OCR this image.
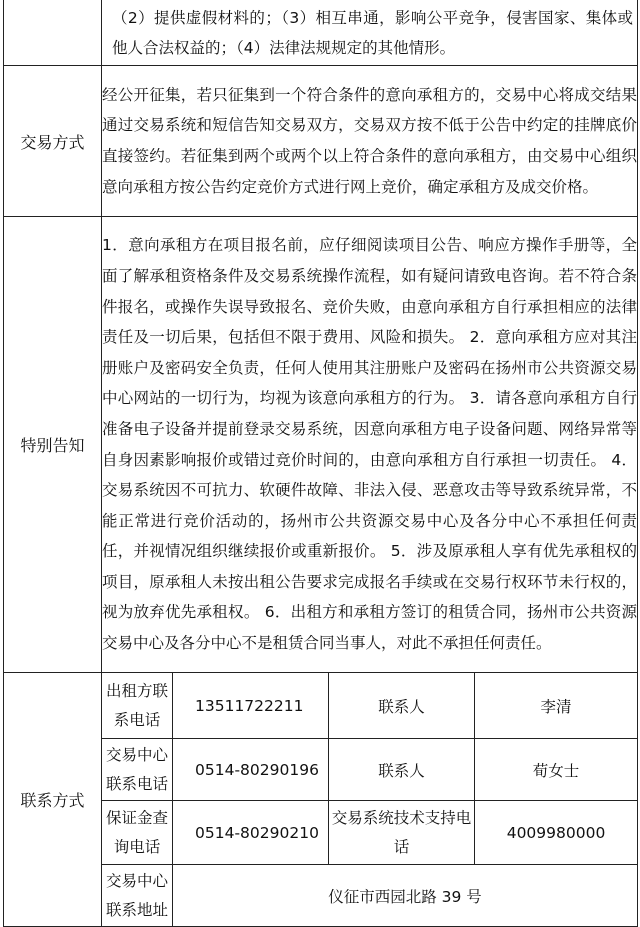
	（2）提供虚假材料的；（3）相互串通，影响公平竞争，侵害国家、集体或他人合法权益的；（4）法律法规规定的其他情形。			
交易方式	经公开征集，若只征集到一个符合条件的意向承租方的，交易中心将成交结果通过交易系统和短信告知交易双方，交易双方按不低于公告中约定的挂牌底价直接签约。若征集到两个或两个以上符合条件的意向承租方，由交易中心组织意向承租方按公告约定竞价方式进行网上竞价，确定承租方及成交价格。			
特别告知	1．意向承租方在项目报名前，应仔细阅读项目公告、响应方操作手册等，全面了解承租资格条件及交易系统操作流程，如有疑问请致电咨询。若不符合条件报名，或操作失误导致报名、竞价失败，由意向承租方自行承担相应的法律责任及一切后果，包括但不限于费用、风险和损失。 2．意向承租方应对其注册账户及密码安全负责，任何人使用其注册账户及密码在扬州市公共资源交易中心网站的一切行为，均视为该意向承租方的行为。 3．请各意向承租方自行准备电子设备并提前登录交易系统，因意向承租方电子设备问题、网络异常等自身因素影响报价或错过竞价时间的，由意向承租方自行承担一切责任。 4．交易系统因不可抗力、软硬件故障、非法入侵、恶意攻击等导致系统异常，不能正常进行竞价活动的，扬州市公共资源交易中心及各分中心不承担任何责任，并视情况组织继续报价或重新报价。 5．涉及原承租人享有优先承租权的项目，原承租人未按出租公告要求完成报名手续或在交易行权环节未行权的，视为放弃优先承租权。 6．出租方和承租方签订的租赁合同，扬州市公共资源交易中心及各分中心不是租赁合同当事人，对此不承担任何责任。			
联系方式	出租方联系电话	13511722211	联系人	李清
	交易中心联系电话	0514-80290196	联系人	荀女士
	保证金查询电话	0514-80290210	交易系统技术支持电话	4009980000
	交易中心联系地址	仪征市西园北路 39 号		
